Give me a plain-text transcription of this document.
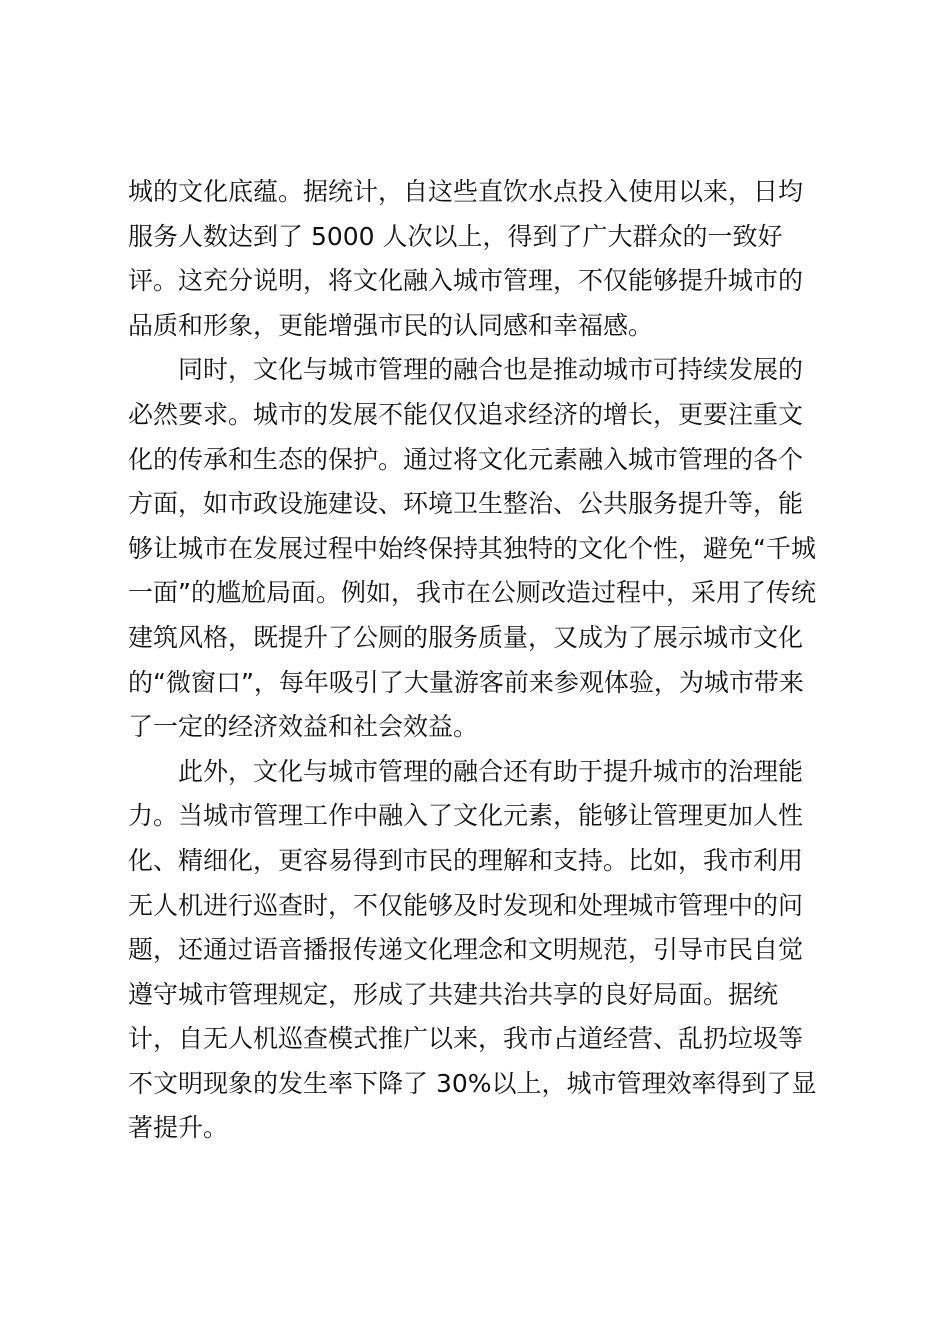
城的文化底蕴。据统计，自这些直饮水点投入使用以来，日均
服务人数达到了 5000 人次以上，得到了广大群众的一致好
评。这充分说明，将文化融入城市管理，不仅能够提升城市的
品质和形象，更能增强市民的认同感和幸福感。
同时，文化与城市管理的融合也是推动城市可持续发展的
必然要求。城市的发展不能仅仅追求经济的增长，更要注重文
化的传承和生态的保护。通过将文化元素融入城市管理的各个
方面，如市政设施建设、环境卫生整治、公共服务提升等，能
够让城市在发展过程中始终保持其独特的文化个性，避免“千城
一面”的尴尬局面。例如，我市在公厕改造过程中，采用了传统
建筑风格，既提升了公厕的服务质量，又成为了展示城市文化
的“微窗口”，每年吸引了大量游客前来参观体验，为城市带来
了一定的经济效益和社会效益。
此外，文化与城市管理的融合还有助于提升城市的治理能
力。当城市管理工作中融入了文化元素，能够让管理更加人性
化、精细化，更容易得到市民的理解和支持。比如，我市利用
无人机进行巡查时，不仅能够及时发现和处理城市管理中的问
题，还通过语音播报传递文化理念和文明规范，引导市民自觉
遵守城市管理规定，形成了共建共治共享的良好局面。据统
计，自无人机巡查模式推广以来，我市占道经营、乱扔垃圾等
不文明现象的发生率下降了 30%以上，城市管理效率得到了显
著提升。
